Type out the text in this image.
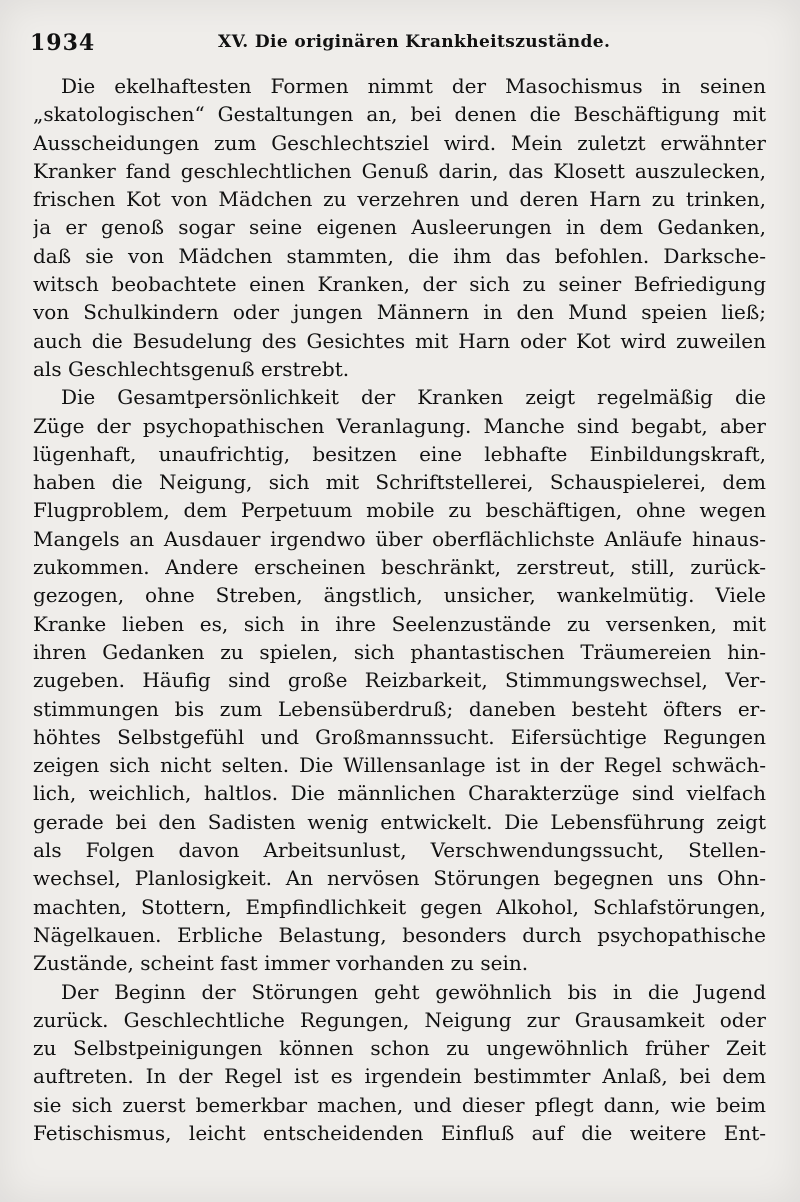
1934	XV. Die originären Krankheitszustände.
Die ekelhaftesten Formen nimmt der Masochismus in seinen
„skatologischen“ Gestaltungen an, bei denen die Beschäftigung mit
Ausscheidungen zum Geschlechtsziel wird. Mein zuletzt erwähnter
Kranker fand geschlechtlichen Genuß darin, das Klosett auszulecken,
frischen Kot von Mädchen zu verzehren und deren Harn zu trinken,
ja er genoß sogar seine eigenen Ausleerungen in dem Gedanken,
daß sie von Mädchen stammten, die ihm das befohlen. Darksche-
witsch beobachtete einen Kranken, der sich zu seiner Befriedigung
von Schulkindern oder jungen Männern in den Mund speien ließ;
auch die Besudelung des Gesichtes mit Harn oder Kot wird zuweilen
als Geschlechtsgenuß erstrebt.
Die Gesamtpersönlichkeit der Kranken zeigt regelmäßig die
Züge der psychopathischen Veranlagung. Manche sind begabt, aber
lügenhaft, unaufrichtig, besitzen eine lebhafte Einbildungskraft,
haben die Neigung, sich mit Schriftstellerei, Schauspielerei, dem
Flugproblem, dem Perpetuum mobile zu beschäftigen, ohne wegen
Mangels an Ausdauer irgendwo über oberflächlichste Anläufe hinaus-
zukommen. Andere erscheinen beschränkt, zerstreut, still, zurück-
gezogen, ohne Streben, ängstlich, unsicher, wankelmütig. Viele
Kranke lieben es, sich in ihre Seelenzustände zu versenken, mit
ihren Gedanken zu spielen, sich phantastischen Träumereien hin-
zugeben. Häufig sind große Reizbarkeit, Stimmungswechsel, Ver-
stimmungen bis zum Lebensüberdruß; daneben besteht öfters er-
höhtes Selbstgefühl und Großmannssucht. Eifersüchtige Regungen
zeigen sich nicht selten. Die Willensanlage ist in der Regel schwäch-
lich, weichlich, haltlos. Die männlichen Charakterzüge sind vielfach
gerade bei den Sadisten wenig entwickelt. Die Lebensführung zeigt
als Folgen davon Arbeitsunlust, Verschwendungssucht, Stellen-
wechsel, Planlosigkeit. An nervösen Störungen begegnen uns Ohn-
machten, Stottern, Empfindlichkeit gegen Alkohol, Schlafstörungen,
Nägelkauen. Erbliche Belastung, besonders durch psychopathische
Zustände, scheint fast immer vorhanden zu sein.
Der Beginn der Störungen geht gewöhnlich bis in die Jugend
zurück. Geschlechtliche Regungen, Neigung zur Grausamkeit oder
zu Selbstpeinigungen können schon zu ungewöhnlich früher Zeit
auftreten. In der Regel ist es irgendein bestimmter Anlaß, bei dem
sie sich zuerst bemerkbar machen, und dieser pflegt dann, wie beim
Fetischismus, leicht entscheidenden Einfluß auf die weitere Ent-
